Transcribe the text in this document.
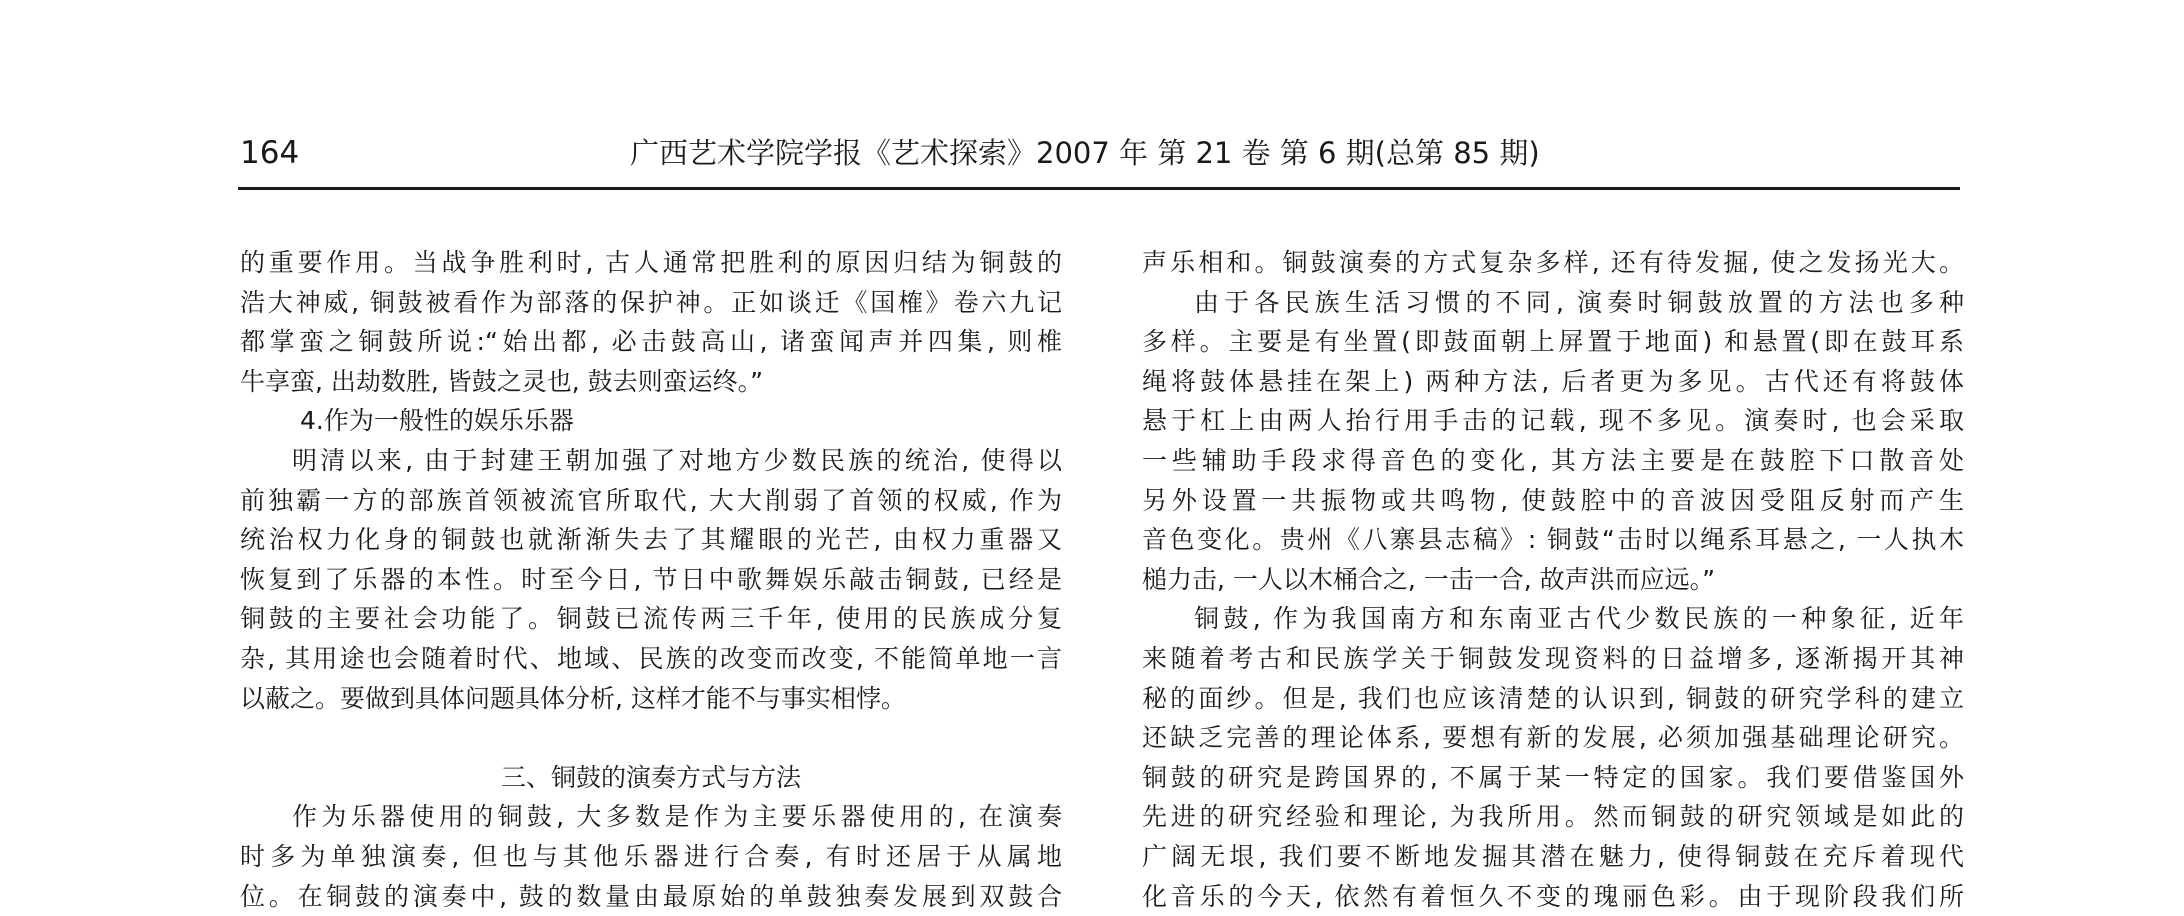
164	广西艺术学院学报《艺术探索》2007 年 第 21 卷 第 6 期(总第 85 期)
的重要作用。当战争胜利时, 古人通常把胜利的原因归结为铜鼓的
浩大神威, 铜鼓被看作为部落的保护神。正如谈迁《国榷》卷六九记
都掌蛮之铜鼓所说:“始出都, 必击鼓高山, 诸蛮闻声并四集, 则椎
牛享蛮, 出劫数胜, 皆鼓之灵也, 鼓去则蛮运终。”
4.作为一般性的娱乐乐器
明清以来, 由于封建王朝加强了对地方少数民族的统治, 使得以
前独霸一方的部族首领被流官所取代, 大大削弱了首领的权威, 作为
统治权力化身的铜鼓也就渐渐失去了其耀眼的光芒, 由权力重器又
恢复到了乐器的本性。时至今日, 节日中歌舞娱乐敲击铜鼓, 已经是
铜鼓的主要社会功能了。铜鼓已流传两三千年, 使用的民族成分复
杂, 其用途也会随着时代、地域、民族的改变而改变, 不能简单地一言
以蔽之。要做到具体问题具体分析, 这样才能不与事实相悖。
三、铜鼓的演奏方式与方法
作为乐器使用的铜鼓, 大多数是作为主要乐器使用的, 在演奏
时多为单独演奏, 但也与其他乐器进行合奏, 有时还居于从属地
位。在铜鼓的演奏中, 鼓的数量由最原始的单鼓独奏发展到双鼓合
声乐相和。铜鼓演奏的方式复杂多样, 还有待发掘, 使之发扬光大。
由于各民族生活习惯的不同, 演奏时铜鼓放置的方法也多种
多样。主要是有坐置(即鼓面朝上屏置于地面) 和悬置(即在鼓耳系
绳将鼓体悬挂在架上) 两种方法, 后者更为多见。古代还有将鼓体
悬于杠上由两人抬行用手击的记载, 现不多见。演奏时, 也会采取
一些辅助手段求得音色的变化, 其方法主要是在鼓腔下口散音处
另外设置一共振物或共鸣物, 使鼓腔中的音波因受阻反射而产生
音色变化。贵州《八寨县志稿》: 铜鼓“击时以绳系耳悬之, 一人执木
槌力击, 一人以木桶合之, 一击一合, 故声洪而应远。”
铜鼓, 作为我国南方和东南亚古代少数民族的一种象征, 近年
来随着考古和民族学关于铜鼓发现资料的日益增多, 逐渐揭开其神
秘的面纱。但是, 我们也应该清楚的认识到, 铜鼓的研究学科的建立
还缺乏完善的理论体系, 要想有新的发展, 必须加强基础理论研究。
铜鼓的研究是跨国界的, 不属于某一特定的国家。我们要借鉴国外
先进的研究经验和理论, 为我所用。然而铜鼓的研究领域是如此的
广阔无垠, 我们要不断地发掘其潜在魅力, 使得铜鼓在充斥着现代
化音乐的今天, 依然有着恒久不变的瑰丽色彩。由于现阶段我们所
